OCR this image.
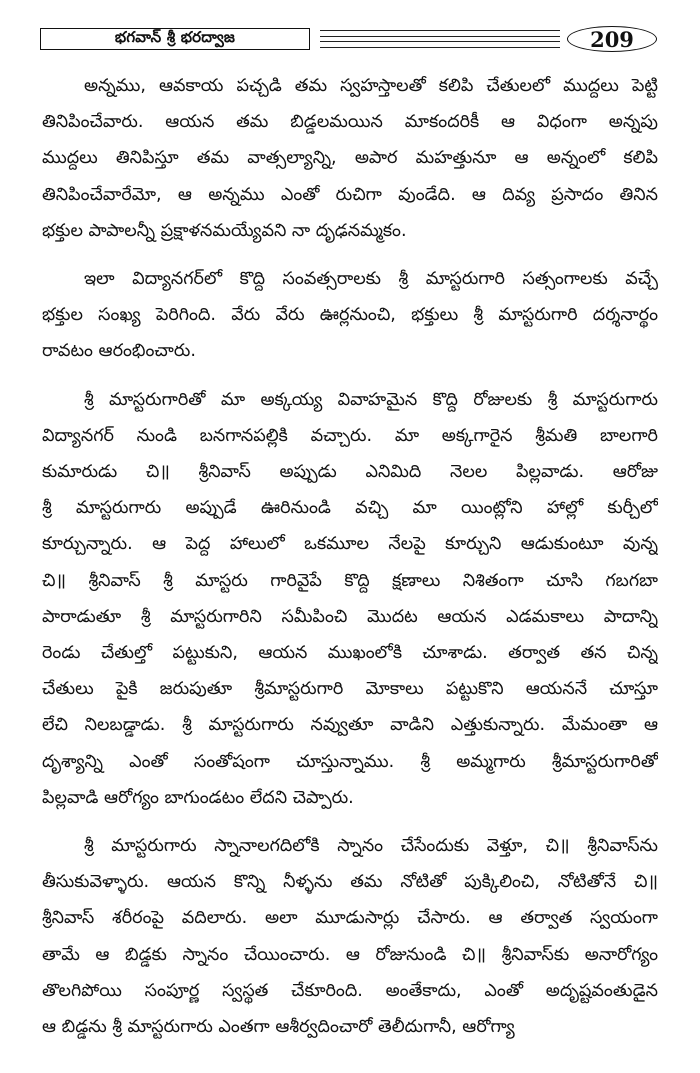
భగవాన్ శ్రీ భరద్వాజ	209
అన్నము, ఆవకాయ పచ్చడి తమ స్వహస్తాలతో కలిపి చేతులలో ముద్దలు పెట్టి
తినిపించేవారు. ఆయన తమ బిడ్డలమయిన మాకందరికీ ఆ విధంగా అన్నపు
ముద్దలు తినిపిస్తూ తమ వాత్సల్యాన్ని, అపార మహత్తునూ ఆ అన్నంలో కలిపి
తినిపించేవారేమో, ఆ అన్నము ఎంతో రుచిగా వుండేది. ఆ దివ్య ప్రసాదం తినిన
భక్తుల పాపాలన్నీ ప్రక్షాళనమయ్యేవని నా దృఢనమ్మకం.
ఇలా విద్యానగర్‌లో కొద్ది సంవత్సరాలకు శ్రీ మాస్టరుగారి సత్సంగాలకు వచ్చే
భక్తుల సంఖ్య పెరిగింది. వేరు వేరు ఊర్లనుంచి, భక్తులు శ్రీ మాస్టరుగారి దర్శనార్థం
రావటం ఆరంభించారు.
శ్రీ మాస్టరుగారితో మా అక్కయ్య వివాహమైన కొద్ది రోజులకు శ్రీ మాస్టరుగారు
విద్యానగర్ నుండి బనగానపల్లికి వచ్చారు. మా అక్కగారైన శ్రీమతి బాలగారి
కుమారుడు చి॥ శ్రీనివాస్ అప్పుడు ఎనిమిది నెలల పిల్లవాడు. ఆరోజు
శ్రీ మాస్టరుగారు అప్పుడే ఊరినుండి వచ్చి మా యింట్లోని హాల్లో కుర్చీలో
కూర్చున్నారు. ఆ పెద్ద హాలులో ఒకమూల నేలపై కూర్చుని ఆడుకుంటూ వున్న
చి॥ శ్రీనివాస్ శ్రీ మాస్టరు గారివైపే కొద్ది క్షణాలు నిశితంగా చూసి గబగబా
పారాడుతూ శ్రీ మాస్టరుగారిని సమీపించి మొదట ఆయన ఎడమకాలు పాదాన్ని
రెండు చేతుల్తో పట్టుకుని, ఆయన ముఖంలోకి చూశాడు. తర్వాత తన చిన్న
చేతులు పైకి జరుపుతూ శ్రీమాస్టరుగారి మోకాలు పట్టుకొని ఆయననే చూస్తూ
లేచి నిలబడ్డాడు. శ్రీ మాస్టరుగారు నవ్వుతూ వాడిని ఎత్తుకున్నారు. మేమంతా ఆ
దృశ్యాన్ని ఎంతో సంతోషంగా చూస్తున్నాము. శ్రీ అమ్మగారు శ్రీమాస్టరుగారితో
పిల్లవాడి ఆరోగ్యం బాగుండటం లేదని చెప్పారు.
శ్రీ మాస్టరుగారు స్నానాలగదిలోకి స్నానం చేసేందుకు వెళ్తూ, చి॥ శ్రీనివాస్‌ను
తీసుకువెళ్ళారు. ఆయన కొన్ని నీళ్ళను తమ నోటితో పుక్కిలించి, నోటితోనే చి॥
శ్రీనివాస్ శరీరంపై వదిలారు. అలా మూడుసార్లు చేసారు. ఆ తర్వాత స్వయంగా
తామే ఆ బిడ్డకు స్నానం చేయించారు. ఆ రోజునుండి చి॥ శ్రీనివాస్‌కు అనారోగ్యం
తొలగిపోయి సంపూర్ణ స్వస్థత చేకూరింది. అంతేకాదు, ఎంతో అదృష్టవంతుడైన
ఆ బిడ్డను శ్రీ మాస్టరుగారు ఎంతగా ఆశీర్వదించారో తెలీదుగానీ, ఆరోగ్యా
